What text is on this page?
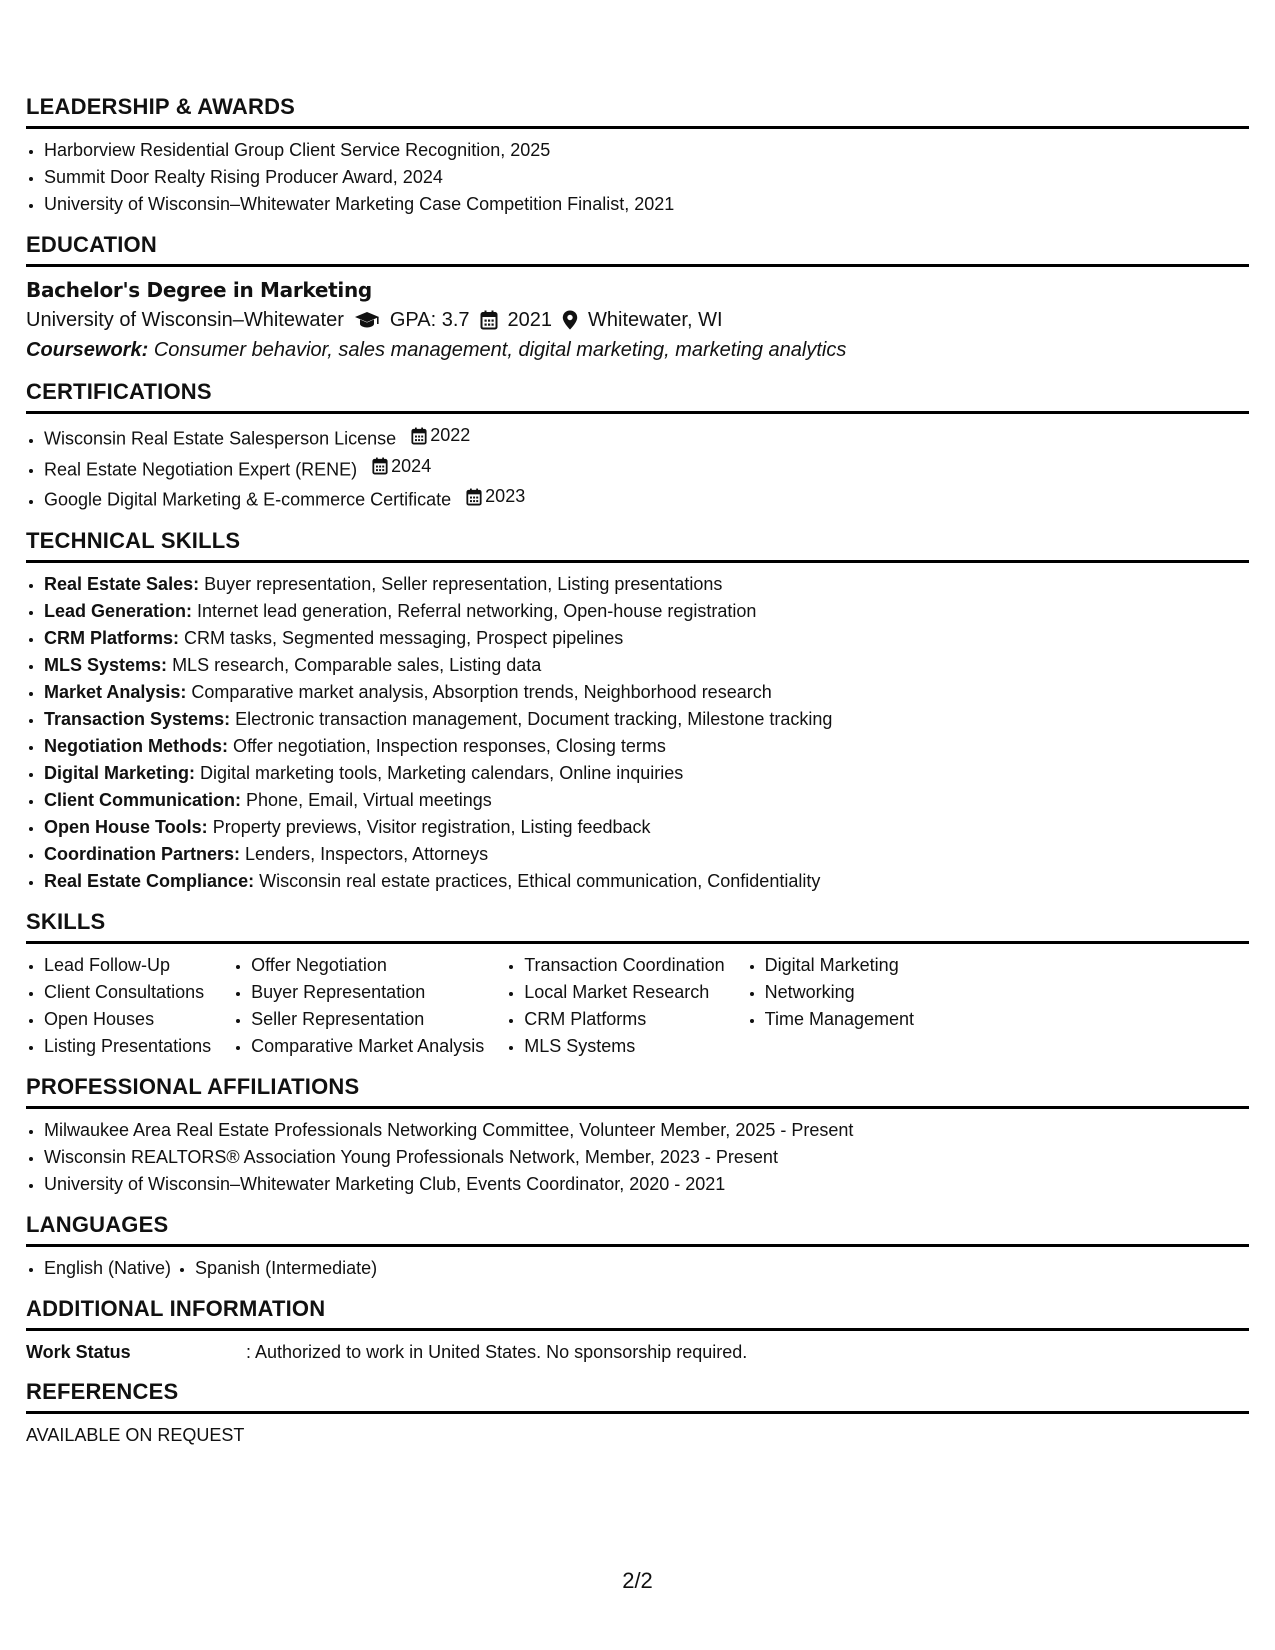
LEADERSHIP & AWARDS
• Harborview Residential Group Client Service Recognition, 2025
• Summit Door Realty Rising Producer Award, 2024
• University of Wisconsin–Whitewater Marketing Case Competition Finalist, 2021
EDUCATION
Bachelor's Degree in Marketing
University of Wisconsin–Whitewater GPA: 3.7 2021 Whitewater, WI
Coursework: Consumer behavior, sales management, digital marketing, marketing analytics
CERTIFICATIONS
• Wisconsin Real Estate Salesperson License 2022
• Real Estate Negotiation Expert (RENE) 2024
• Google Digital Marketing & E-commerce Certificate 2023
TECHNICAL SKILLS
• Real Estate Sales: Buyer representation, Seller representation, Listing presentations
• Lead Generation: Internet lead generation, Referral networking, Open-house registration
• CRM Platforms: CRM tasks, Segmented messaging, Prospect pipelines
• MLS Systems: MLS research, Comparable sales, Listing data
• Market Analysis: Comparative market analysis, Absorption trends, Neighborhood research
• Transaction Systems: Electronic transaction management, Document tracking, Milestone tracking
• Negotiation Methods: Offer negotiation, Inspection responses, Closing terms
• Digital Marketing: Digital marketing tools, Marketing calendars, Online inquiries
• Client Communication: Phone, Email, Virtual meetings
• Open House Tools: Property previews, Visitor registration, Listing feedback
• Coordination Partners: Lenders, Inspectors, Attorneys
• Real Estate Compliance: Wisconsin real estate practices, Ethical communication, Confidentiality
SKILLS
• Lead Follow-Up
• Client Consultations
• Open Houses
• Listing Presentations
• Offer Negotiation
• Buyer Representation
• Seller Representation
• Comparative Market Analysis
• Transaction Coordination
• Local Market Research
• CRM Platforms
• MLS Systems
• Digital Marketing
• Networking
• Time Management
PROFESSIONAL AFFILIATIONS
• Milwaukee Area Real Estate Professionals Networking Committee, Volunteer Member, 2025 - Present
• Wisconsin REALTORS® Association Young Professionals Network, Member, 2023 - Present
• University of Wisconsin–Whitewater Marketing Club, Events Coordinator, 2020 - 2021
LANGUAGES
• English (Native)
• Spanish (Intermediate)
ADDITIONAL INFORMATION
Work Status	: Authorized to work in United States. No sponsorship required.
REFERENCES
AVAILABLE ON REQUEST
2/2
